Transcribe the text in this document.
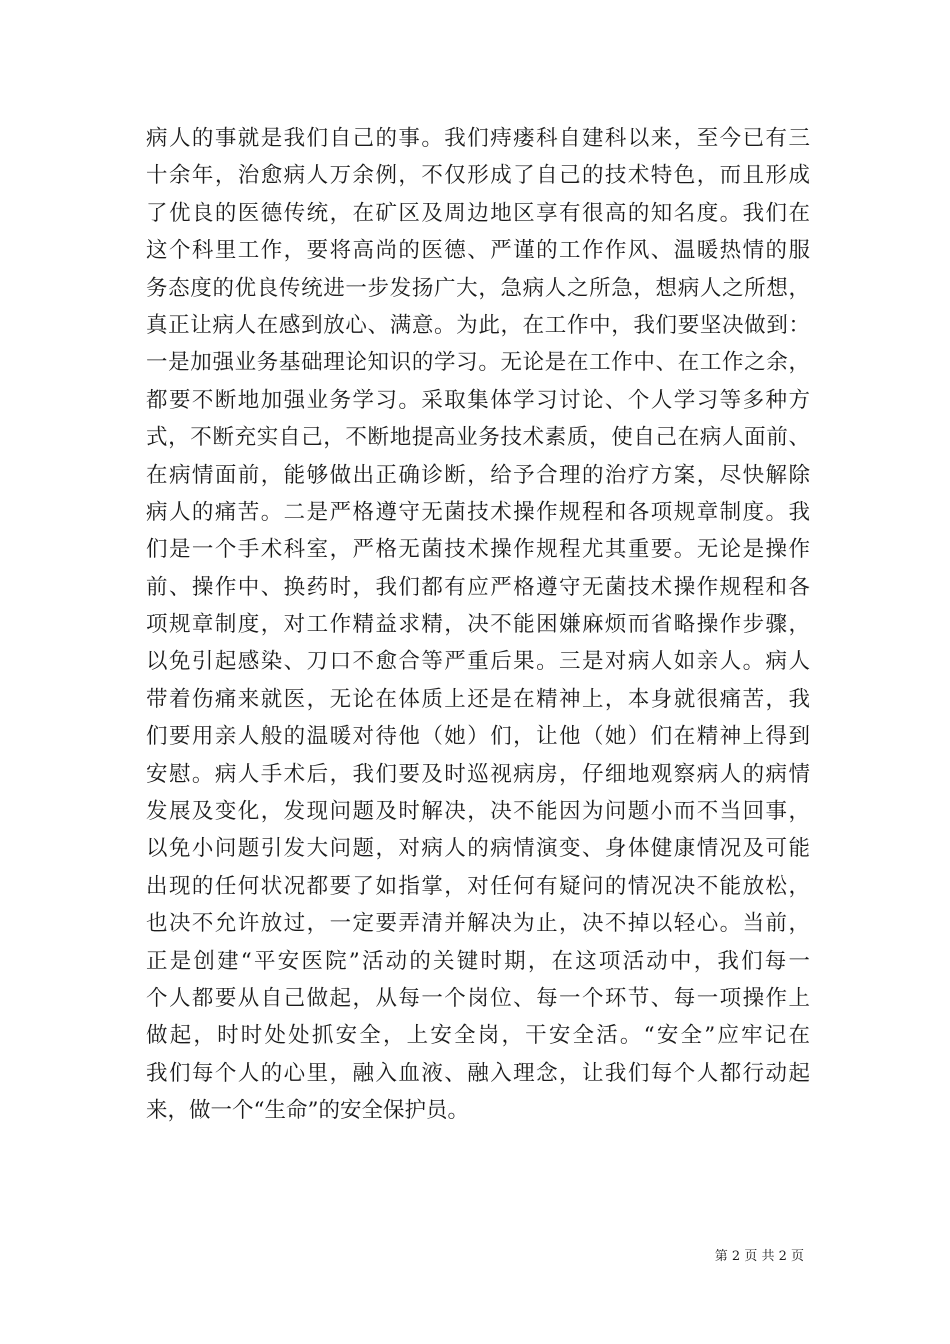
病人的事就是我们自己的事。我们痔瘘科自建科以来，至今已有三
十余年，治愈病人万余例，不仅形成了自己的技术特色，而且形成
了优良的医德传统，在矿区及周边地区享有很高的知名度。我们在
这个科里工作，要将高尚的医德、严谨的工作作风、温暖热情的服
务态度的优良传统进一步发扬广大，急病人之所急，想病人之所想，
真正让病人在感到放心、满意。为此，在工作中，我们要坚决做到：
一是加强业务基础理论知识的学习。无论是在工作中、在工作之余，
都要不断地加强业务学习。采取集体学习讨论、个人学习等多种方
式，不断充实自己，不断地提高业务技术素质，使自己在病人面前、
在病情面前，能够做出正确诊断，给予合理的治疗方案，尽快解除
病人的痛苦。二是严格遵守无菌技术操作规程和各项规章制度。我
们是一个手术科室，严格无菌技术操作规程尤其重要。无论是操作
前、操作中、换药时，我们都有应严格遵守无菌技术操作规程和各
项规章制度，对工作精益求精，决不能困嫌麻烦而省略操作步骤，
以免引起感染、刀口不愈合等严重后果。三是对病人如亲人。病人
带着伤痛来就医，无论在体质上还是在精神上，本身就很痛苦，我
们要用亲人般的温暖对待他（她）们，让他（她）们在精神上得到
安慰。病人手术后，我们要及时巡视病房，仔细地观察病人的病情
发展及变化，发现问题及时解决，决不能因为问题小而不当回事，
以免小问题引发大问题，对病人的病情演变、身体健康情况及可能
出现的任何状况都要了如指掌，对任何有疑问的情况决不能放松，
也决不允许放过，一定要弄清并解决为止，决不掉以轻心。当前，
正是创建“平安医院”活动的关键时期，在这项活动中，我们每一
个人都要从自己做起，从每一个岗位、每一个环节、每一项操作上
做起，时时处处抓安全，上安全岗，干安全活。“安全”应牢记在
我们每个人的心里，融入血液、融入理念，让我们每个人都行动起
来，做一个“生命”的安全保护员。
第 2 页 共 2 页
